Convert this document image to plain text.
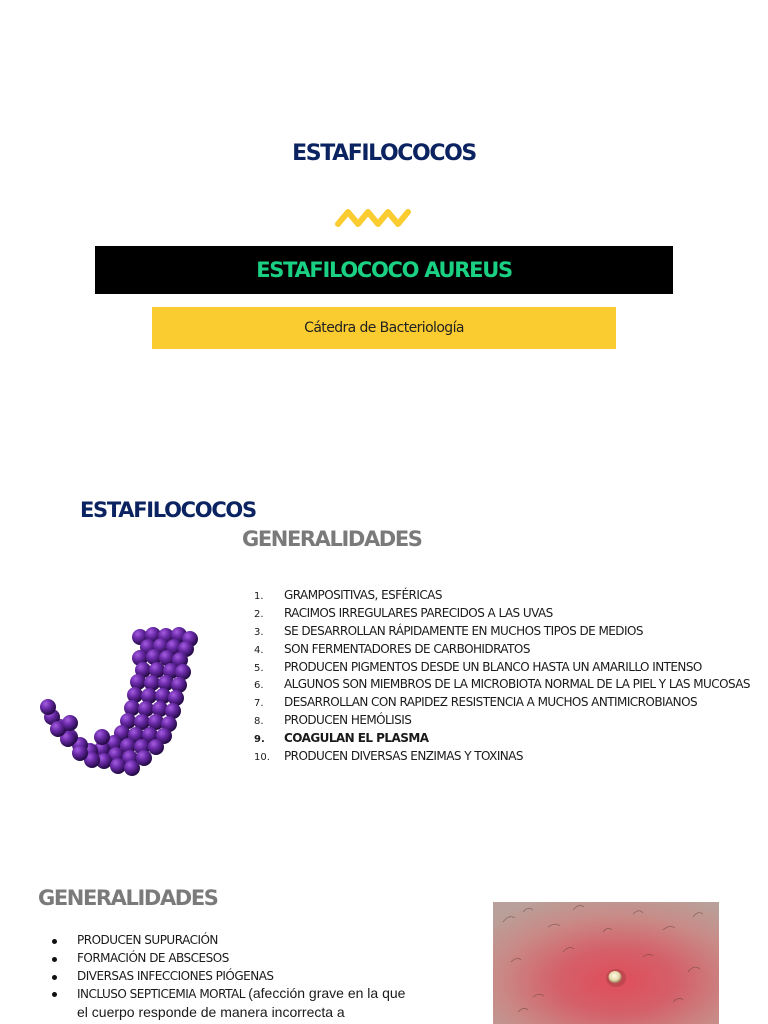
ESTAFILOCOCOS
ESTAFILOCOCO AUREUS
Cátedra de Bacteriología
ESTAFILOCOCOS
GENERALIDADES
1. GRAMPOSITIVAS, ESFÉRICAS
2. RACIMOS IRREGULARES PARECIDOS A LAS UVAS
3. SE DESARROLLAN RÁPIDAMENTE EN MUCHOS TIPOS DE MEDIOS
4. SON FERMENTADORES DE CARBOHIDRATOS
5. PRODUCEN PIGMENTOS DESDE UN BLANCO HASTA UN AMARILLO INTENSO
6. ALGUNOS SON MIEMBROS DE LA MICROBIOTA NORMAL DE LA PIEL Y LAS MUCOSAS
7. DESARROLLAN CON RAPIDEZ RESISTENCIA A MUCHOS ANTIMICROBIANOS
8. PRODUCEN HEMÓLISIS
9. COAGULAN EL PLASMA
10. PRODUCEN DIVERSAS ENZIMAS Y TOXINAS
GENERALIDADES
PRODUCEN SUPURACIÓN
FORMACIÓN DE ABSCESOS
DIVERSAS INFECCIONES PIÓGENAS
INCLUSO SEPTICEMIA MORTAL (afección grave en la que el cuerpo responde de manera incorrecta a
